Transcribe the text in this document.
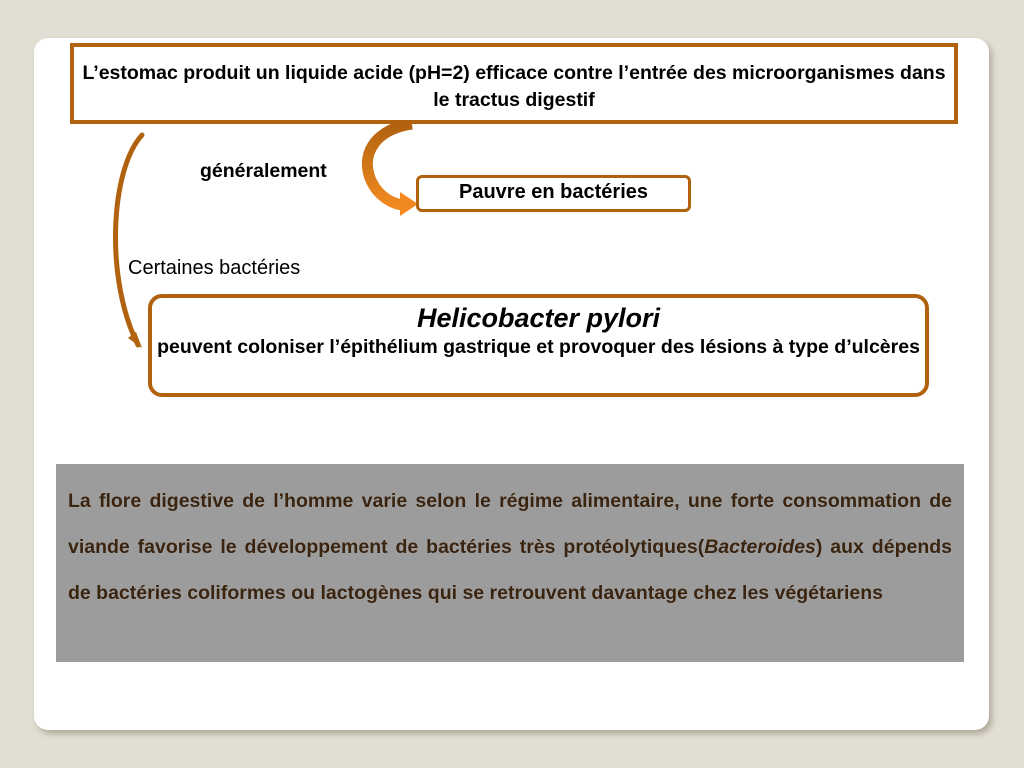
L’estomac produit un liquide acide (pH=2) efficace contre l’entrée des microorganismes dans le tractus digestif
généralement
Pauvre en bactéries
Certaines bactéries
Helicobacter pylori
peuvent coloniser l’épithélium gastrique et provoquer des lésions à type d’ulcères
La flore digestive de l’homme varie selon le régime alimentaire, une forte consommation de viande favorise le développement de bactéries très protéolytiques(Bacteroides) aux dépends de bactéries coliformes ou lactogènes qui se retrouvent davantage chez les végétariens
